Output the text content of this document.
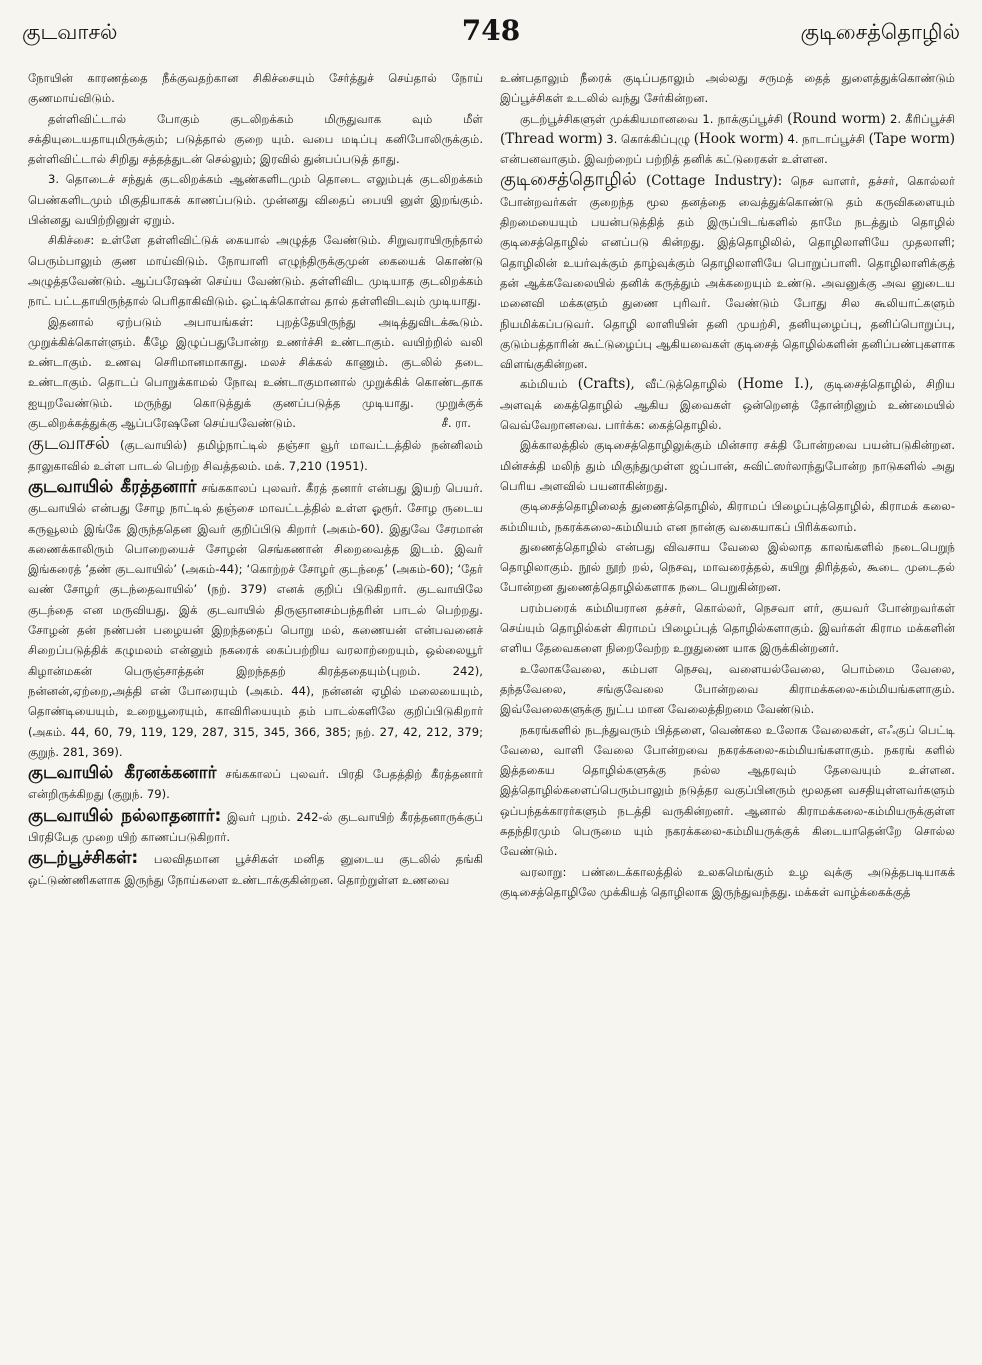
குடவாசல்	748	குடிசைத்தொழில்

நோயின் காரணத்தை நீக்குவதற்கான சிகிச்சையும் சேர்த்துச் செய்தால் நோய் குணமாய்விடும்.

தள்ளிவிட்டால் போகும் குடலிறக்கம் மிருதுவாக வும் மீள் சக்தியுடையதாயுமிருக்கும்; படுத்தால் குறை யும். வபை மடிப்பு கனிபோலிருக்கும். தள்ளிவிட்டால் சிறிது சத்தத்துடன் செல்லும்; இரவில் துன்பப்படுத் தாது.

3. தொடைச் சந்துக் குடலிறக்கம் ஆண்களிடமும் தொடை எலும்புக் குடலிறக்கம் பெண்களிடமும் மிகுதியாகக் காணப்படும். முன்னது விதைப் பையி னுள் இறங்கும். பின்னது வயிற்றினுள் ஏறும்.

சிகிச்சை: உள்ளே தள்ளிவிட்டுக் கையால் அழுத்த வேண்டும். சிறுவராயிருந்தால் பெரும்பாலும் குண மாய்விடும். நோயாளி எழுந்திருக்குமுன் கையைக் கொண்டு அழுத்தவேண்டும். ஆப்பரேஷன் செய்ய வேண்டும். தள்ளிவிட முடியாத குடலிறக்கம் நாட் பட்டதாயிருந்தால் பெரிதாகிவிடும். ஒட்டிக்கொள்வ தால் தள்ளிவிடவும் முடியாது.

இதனால் ஏற்படும் அபாயங்கள்: புறத்தேயிருந்து அடித்துவிடக்கூடும். முறுக்கிக்கொள்ளும். கீழே இழுப்பதுபோன்ற உணர்ச்சி உண்டாகும். வயிற்றில் வலி உண்டாகும். உணவு செரிமானமாகாது. மலச் சிக்கல் காணும். குடலில் தடை உண்டாகும். தொடப் பொறுக்காமல் நோவு உண்டாகுமானால் முறுக்கிக் கொண்டதாக ஐயுறவேண்டும். மருந்து கொடுத்துக் குணப்படுத்த முடியாது. முறுக்குக் குடலிறக்கத்துக்கு ஆப்பரேஷனே செய்யவேண்டும்.	சீ. ரா.

குடவாசல் (குடவாயில்) தமிழ்நாட்டில் தஞ்சா வூர் மாவட்டத்தில் நன்னிலம் தாலுகாவில் உள்ள பாடல் பெற்ற சிவத்தலம். மக். 7,210 (1951).

குடவாயில் கீரத்தனார் சங்ககாலப் புலவர். கீரத் தனார் என்பது இயற் பெயர். குடவாயில் என்பது சோழ நாட்டில் தஞ்சை மாவட்டத்தில் உள்ள ஓரூர். சோழ ருடைய கருவூலம் இங்கே இருந்ததென இவர் குறிப்பிடு கிறார் (அகம்-60). இதுவே சேரமான் கணைக்காலிரும் பொறையைச் சோழன் செங்கணான் சிறைவைத்த இடம். இவர் இங்கரைத் ‘தண் குடவாயில்’ (அகம்-44); ‘கொற்றச் சோழர் குடந்தை’ (அகம்-60); ‘தேர் வண் சோழர் குடந்தைவாயில்’ (நற். 379) எனக் குறிப் பிடுகிறார். குடவாயிலே குடந்தை என மருவியது. இக் குடவாயில் திருஞானசம்பந்தரின் பாடல் பெற்றது. சோழன் தன் நண்பன் பழையன் இறந்ததைப் பொறு மல், கணையன் என்பவனைச் சிறைப்படுத்திக் கழுமலம் என்னும் நகரைக் கைப்பற்றிய வரலாற்றையும், ஒல்லையூர் கிழான்மகன் பெருஞ்சாத்தன் இறந்ததற் கிரத்ததையும்(புறம். 242), நன்னன்,ஏற்றை,அத்தி என் போரையும் (அகம். 44), நன்னன் ஏழில் மலையையும், தொண்டியையும், உறையூரையும், காவிரியையும் தம் பாடல்களிலே குறிப்பிடுகிறார் (அகம். 44, 60, 79, 119, 129, 287, 315, 345, 366, 385; நற். 27, 42, 212, 379; குறுந். 281, 369).

குடவாயில் கீரனக்கனார் சங்ககாலப் புலவர். பிரதி பேதத்திற் கீரத்தனார் என்றிருக்கிறது (குறுந். 79).

குடவாயில் நல்லாதனார்: இவர் புறம். 242-ல் குடவாயிற் கீரத்தனாருக்குப் பிரதிபேத முறை யிற் காணப்படுகிறார்.

குடற்பூச்சிகள்: பலவிதமான பூச்சிகள் மனித னுடைய குடலில் தங்கி ஒட்டுண்ணிகளாக இருந்து நோய்களை உண்டாக்குகின்றன. தொற்றுள்ள உணவை

உண்பதாலும் நீரைக் குடிப்பதாலும் அல்லது சருமத் தைத் துளைத்துக்கொண்டும் இப்பூச்சிகள் உடலில் வந்து சேர்கின்றன.

குடற்பூச்சிகளுள் முக்கியமானவை 1. நாக்குப்பூச்சி (Round worm) 2. கீரிப்பூச்சி (Thread worm) 3. கொக்கிப்புழு (Hook worm) 4. நாடாப்பூச்சி (Tape worm) என்பனவாகும். இவற்றைப் பற்றித் தனிக் கட்டுரைகள் உள்ளன.

குடிசைத்தொழில் (Cottage Industry): நெச வாளர், தச்சர், கொல்லர் போன்றவர்கள் குறைந்த மூல தனத்தை வைத்துக்கொண்டு தம் கருவிகளையும் திறமையையும் பயன்படுத்தித் தம் இருப்பிடங்களில் தாமே நடத்தும் தொழில் குடிசைத்தொழில் எனப்படு கின்றது. இத்தொழிலில், தொழிலாளியே முதலாளி; தொழிலின் உயர்வுக்கும் தாழ்வுக்கும் தொழிலாளியே பொறுப்பாளி. தொழிலாளிக்குத் தன் ஆக்கவேலையில் தனிக் கருத்தும் அக்கறையும் உண்டு. அவனுக்கு அவ னுடைய மனைவி மக்களும் துணை புரிவர். வேண்டும் போது சில கூலியாட்களும் நியமிக்கப்படுவர். தொழி லாளியின் தனி முயற்சி, தனியுழைப்பு, தனிப்பொறுப்பு, குடும்பத்தாரின் கூட்டுழைப்பு ஆகியவைகள் குடிசைத் தொழில்களின் தனிப்பண்புகளாக விளங்குகின்றன.

கம்மியம் (Crafts), வீட்டுத்தொழில் (Home I.), குடிசைத்தொழில், சிறிய அளவுக் கைத்தொழில் ஆகிய இவைகள் ஒன்றெனத் தோன்றினும் உண்மையில் வெவ்வேறானவை. பார்க்க: கைத்தொழில்.

இக்காலத்தில் குடிசைத்தொழிலுக்கும் மின்சார சக்தி போன்றவை பயன்படுகின்றன. மின்சக்தி மலிந் தும் மிகுந்துமுள்ள ஜப்பான், சுவிட்ஸர்லாந்துபோன்ற நாடுகளில் அது பெரிய அளவில் பயனாகின்றது.

குடிசைத்தொழிலைத் துணைத்தொழில், கிராமப் பிழைப்புத்தொழில், கிராமக் கலை-கம்மியம், நகரக்கலை-கம்மியம் என நான்கு வகையாகப் பிரிக்கலாம்.

துணைத்தொழில் என்பது விவசாய வேலை இல்லாத காலங்களில் நடைபெறுந் தொழிலாகும். நூல் நூற் றல், நெசவு, மாவரைத்தல், கயிறு திரித்தல், கூடை முடைதல் போன்றன துணைத்தொழில்களாக நடை பெறுகின்றன.

பரம்பரைக் கம்மியரான தச்சர், கொல்லர், நெசவா ளர், குயவர் போன்றவர்கள் செய்யும் தொழில்கள் கிராமப் பிழைப்புத் தொழில்களாகும். இவர்கள் கிராம மக்களின் எளிய தேவைகளை நிறைவேற்ற உறுதுணை யாக இருக்கின்றனர்.

உலோகவேலை, கம்பள நெசவு, வளையல்வேலை, பொம்மை வேலை, தந்தவேலை, சங்குவேலை போன்றவை கிராமக்கலை-கம்மியங்களாகும். இவ்வேலைகளுக்கு நுட்ப மான வேலைத்திறமை வேண்டும்.

நகரங்களில் நடந்துவரும் பித்தளை, வெண்கல உலோக வேலைகள், எஃகுப் பெட்டி வேலை, வாளி வேலை போன்றவை நகரக்கலை-கம்மியங்களாகும். நகரங் களில் இத்தகைய தொழில்களுக்கு நல்ல ஆதரவும் தேவையும் உள்ளன. இத்தொழில்களைப்பெரும்பாலும் நடுத்தர வகுப்பினரும் மூலதன வசதியுள்ளவர்களும் ஒப்பந்தக்காரர்களும் நடத்தி வருகின்றனர். ஆனால் கிராமக்கலை-கம்மியருக்குள்ள சுதந்திரமும் பெருமை யும் நகரக்கலை-கம்மியருக்குக் கிடையாதென்றே சொல்ல வேண்டும்.

வரலாறு: பண்டைக்காலத்தில் உலகமெங்கும் உழ வுக்கு அடுத்தபடியாகக் குடிசைத்தொழிலே முக்கியத் தொழிலாக இருந்துவந்தது. மக்கள் வாழ்க்கைக்குத்
